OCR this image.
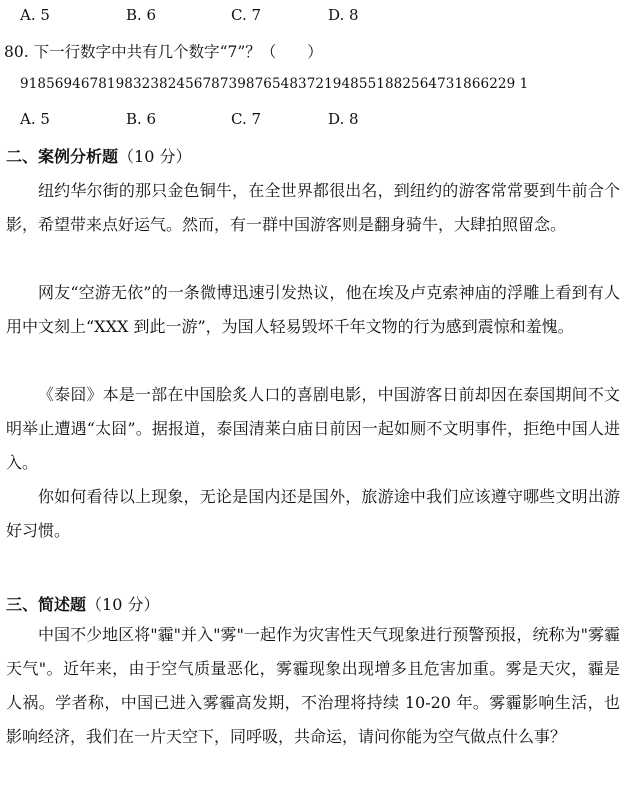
A. 5	B. 6	C. 7	D. 8
80. 下一行数字中共有几个数字“7”？（　　）
918569467819832382456787398765483721948551882564731866229 1
A. 5	B. 6	C. 7	D. 8
二、案例分析题（10 分）

纽约华尔街的那只金色铜牛，在全世界都很出名，到纽约的游客常常要到牛前合个影，希望带来点好运气。然而，有一群中国游客则是翻身骑牛，大肆拍照留念。

网友“空游无依”的一条微博迅速引发热议，他在埃及卢克索神庙的浮雕上看到有人用中文刻上“XXX 到此一游”，为国人轻易毁坏千年文物的行为感到震惊和羞愧。

《泰囧》本是一部在中国脍炙人口的喜剧电影，中国游客日前却因在泰国期间不文明举止遭遇“太囧”。据报道，泰国清莱白庙日前因一起如厕不文明事件，拒绝中国人进入。

你如何看待以上现象，无论是国内还是国外，旅游途中我们应该遵守哪些文明出游好习惯。

三、简述题（10 分）

中国不少地区将"霾"并入"雾"一起作为灾害性天气现象进行预警预报，统称为"雾霾天气"。近年来，由于空气质量恶化，雾霾现象出现增多且危害加重。雾是天灾，霾是人祸。学者称，中国已进入雾霾高发期，不治理将持续 10-20 年。雾霾影响生活，也影响经济，我们在一片天空下，同呼吸，共命运，请问你能为空气做点什么事？
